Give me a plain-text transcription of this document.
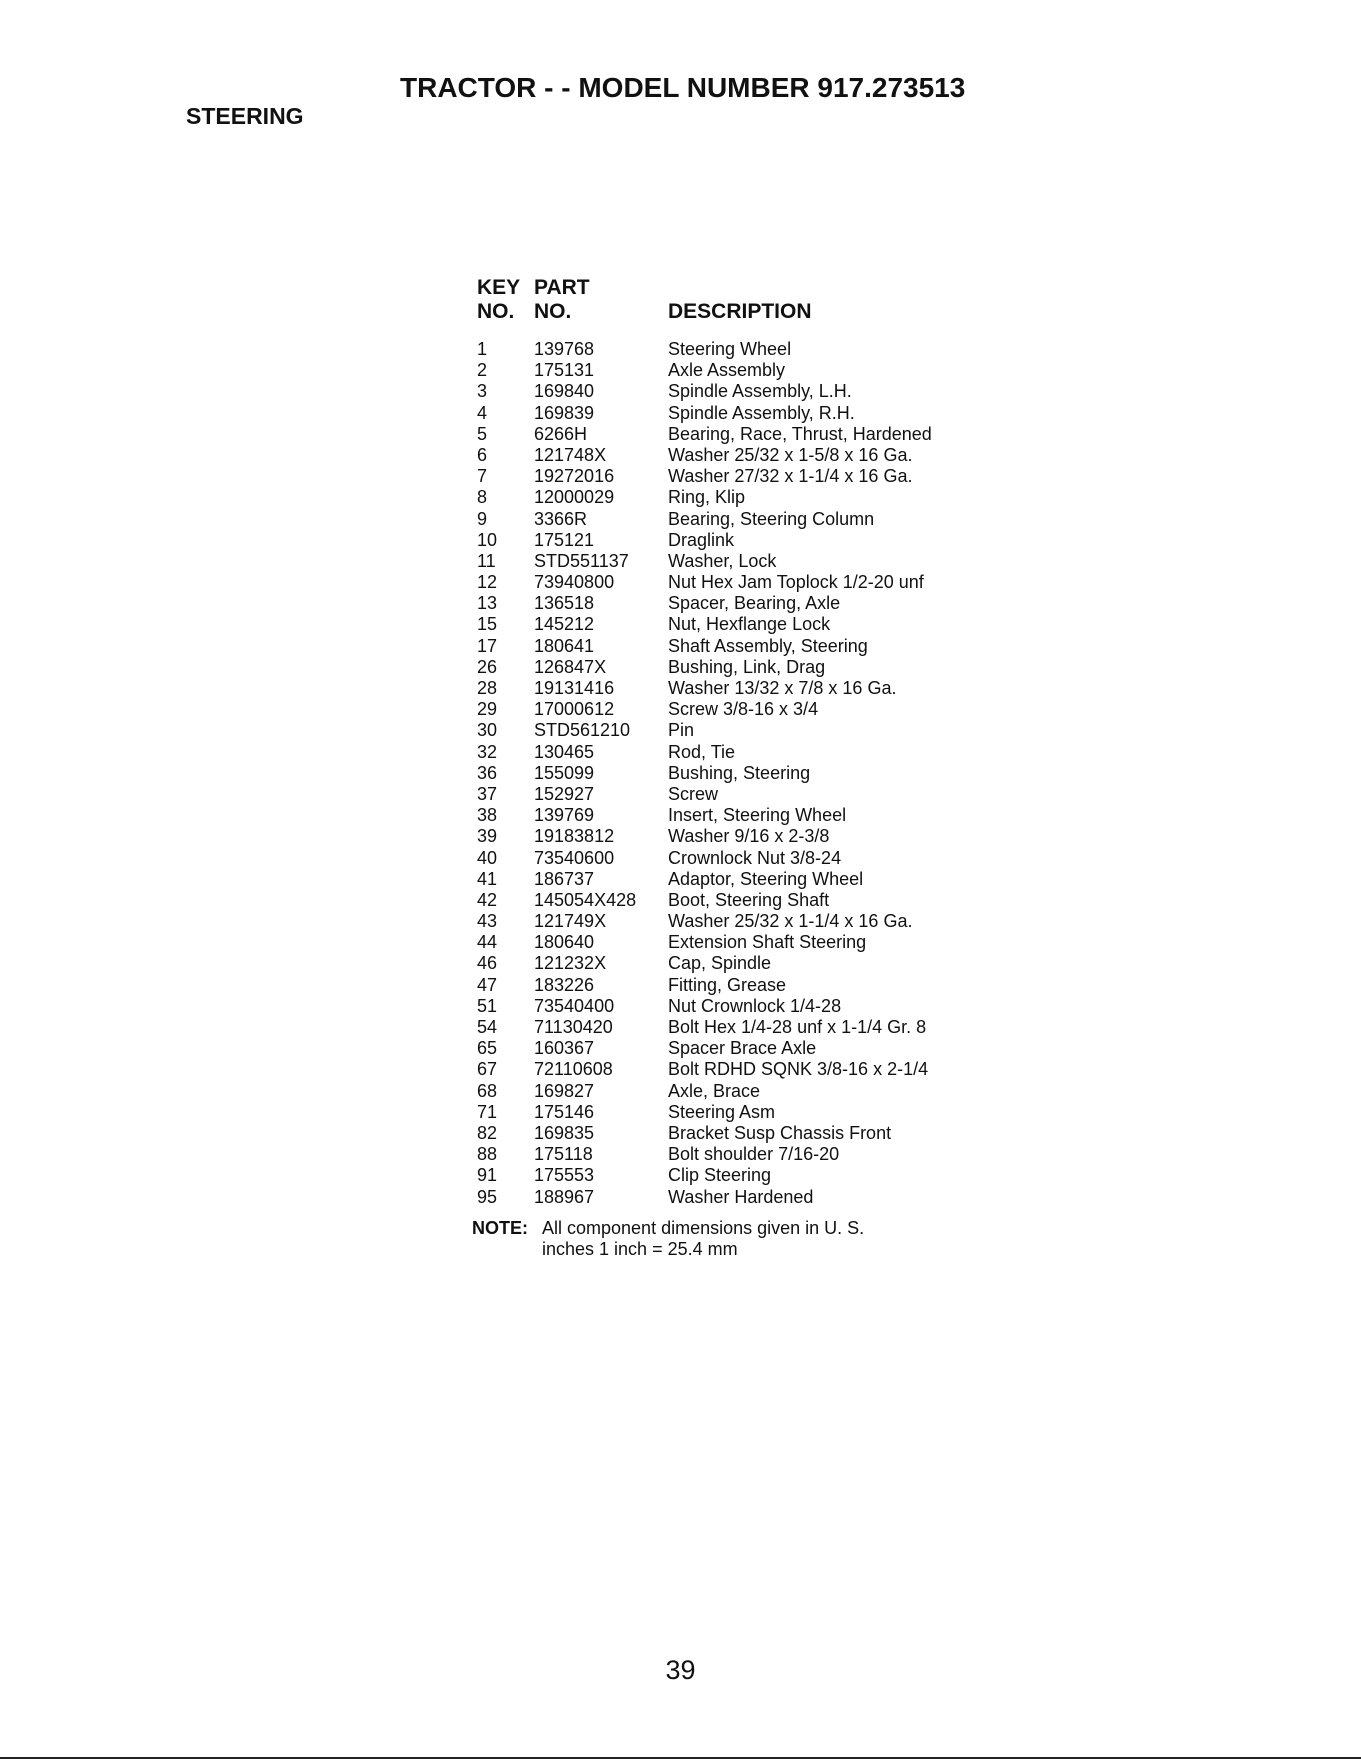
TRACTOR - - MODEL NUMBER 917.273513
STEERING
KEY PART
NO. NO.	DESCRIPTION
1	139768	Steering Wheel
2	175131	Axle Assembly
3	169840	Spindle Assembly, L.H.
4	169839	Spindle Assembly, R.H.
5	6266H	Bearing, Race, Thrust, Hardened
6	121748X	Washer 25/32 x 1-5/8 x 16 Ga.
7	19272016	Washer 27/32 x 1-1/4 x 16 Ga.
8	12000029	Ring, Klip
9	3366R	Bearing, Steering Column
10 175121	Draglink
11 STD551137 Washer, Lock
12 73940800	Nut Hex Jam Toplock 1/2-20 unf
13 136518	Spacer, Bearing, Axle
15 145212	Nut, Hexflange Lock
17 180641	Shaft Assembly, Steering
26 126847X	Bushing, Link, Drag
28 19131416	Washer 13/32 x 7/8 x 16 Ga.
29 17000612	Screw 3/8-16 x 3/4
30 STD561210 Pin
32 130465	Rod, Tie
36 155099	Bushing, Steering
37 152927	Screw
38 139769	Insert, Steering Wheel
39 19183812	Washer 9/16 x 2-3/8
40 73540600	Crownlock Nut 3/8-24
41 186737	Adaptor, Steering Wheel
42 145054X428 Boot, Steering Shaft
43 121749X	Washer 25/32 x 1-1/4 x 16 Ga.
44 180640	Extension Shaft Steering
46 121232X	Cap, Spindle
47 183226	Fitting, Grease
51 73540400	Nut Crownlock 1/4-28
54 71130420	Bolt Hex 1/4-28 unf x 1-1/4 Gr. 8
65 160367	Spacer Brace Axle
67 72110608	Bolt RDHD SQNK 3/8-16 x 2-1/4
68 169827	Axle, Brace
71 175146	Steering Asm
82 169835	Bracket Susp Chassis Front
88 175118	Bolt shoulder 7/16-20
91 175553	Clip Steering
95 188967	Washer Hardened
NOTE: All component dimensions given in U. S.
inches 1 inch = 25.4 mm
39
